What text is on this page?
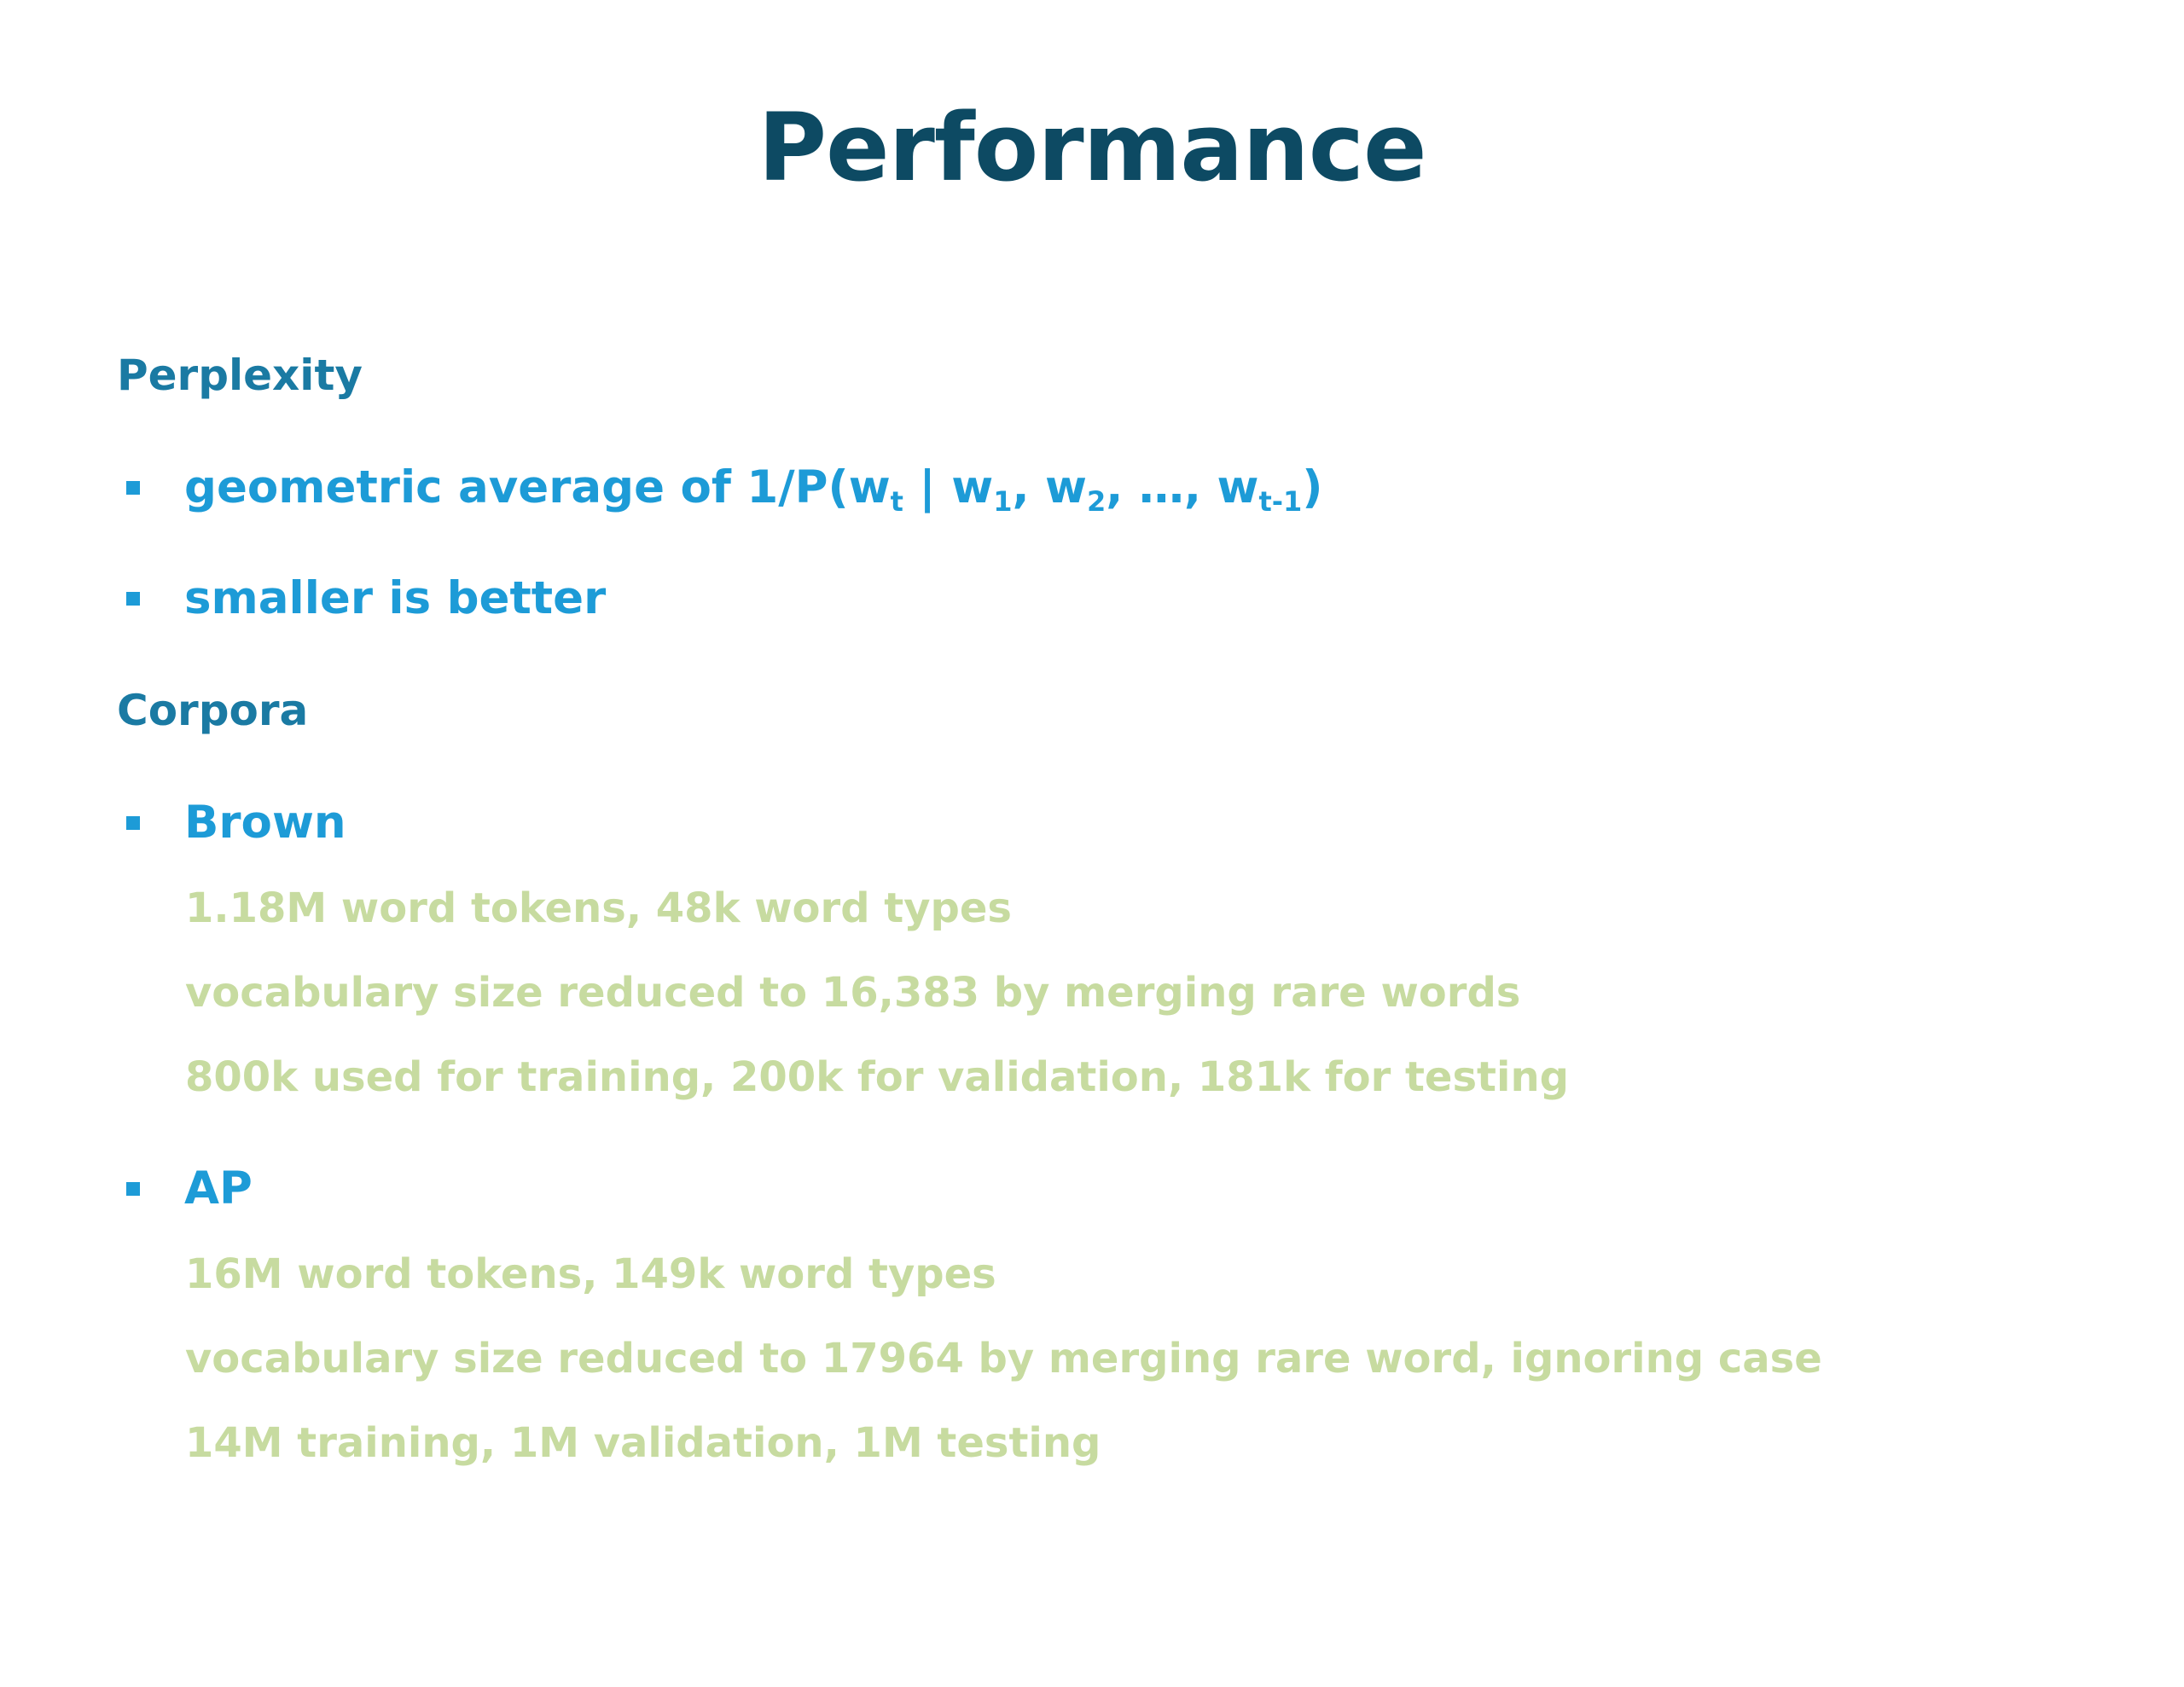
Performance
Perplexity
geometric average of $1/P(w_t$ | $w_1$, $w_2$, …, $w_{t-1}$)
smaller is better
Corpora
Brown
1.18M word tokens, 48k word types
vocabulary size reduced to 16,383 by merging rare words
800k used for training, 200k for validation, 181k for testing
AP
16M word tokens, 149k word types
vocabulary size reduced to 17964 by merging rare word, ignoring case
14M training, 1M validation, 1M testing
